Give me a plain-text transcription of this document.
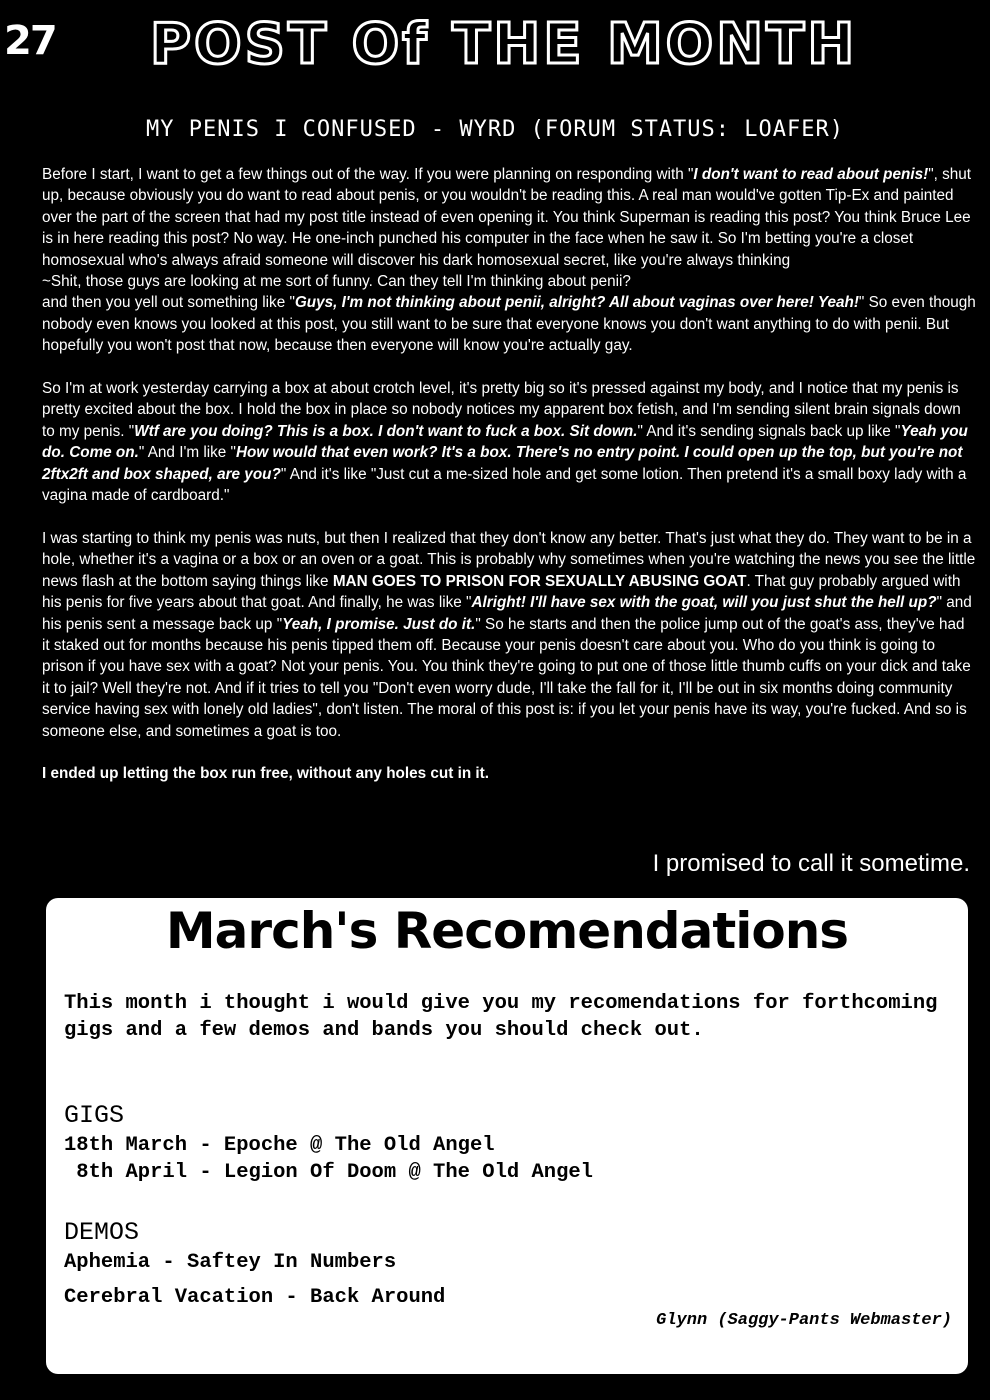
27 POST Of THE MONTH
MY PENIS I CONFUSED - WYRD (FORUM STATUS: LOAFER)

Before I start, I want to get a few things out of the way. If you were planning on responding with "I don't want to read about penis!", shut up, because obviously you do want to read about penis, or you wouldn't be reading this. A real man would've gotten Tip-Ex and painted over the part of the screen that had my post title instead of even opening it. You think Superman is reading this post? You think Bruce Lee is in here reading this post? No way. He one-inch punched his computer in the face when he saw it. So I'm betting you're a closet homosexual who's always afraid someone will discover his dark homosexual secret, like you're always thinking
~Shit, those guys are looking at me sort of funny. Can they tell I'm thinking about penii?
and then you yell out something like "Guys, I'm not thinking about penii, alright? All about vaginas over here! Yeah!" So even though nobody even knows you looked at this post, you still want to be sure that everyone knows you don't want anything to do with penii. But hopefully you won't post that now, because then everyone will know you're actually gay.

So I'm at work yesterday carrying a box at about crotch level, it's pretty big so it's pressed against my body, and I notice that my penis is pretty excited about the box. I hold the box in place so nobody notices my apparent box fetish, and I'm sending silent brain signals down to my penis. "Wtf are you doing? This is a box. I don't want to fuck a box. Sit down." And it's sending signals back up like "Yeah you do. Come on." And I'm like "How would that even work? It's a box. There's no entry point. I could open up the top, but you're not 2ftx2ft and box shaped, are you?" And it's like "Just cut a me-sized hole and get some lotion. Then pretend it's a small boxy lady with a vagina made of cardboard."

I was starting to think my penis was nuts, but then I realized that they don't know any better. That's just what they do. They want to be in a hole, whether it's a vagina or a box or an oven or a goat. This is probably why sometimes when you're watching the news you see the little news flash at the bottom saying things like MAN GOES TO PRISON FOR SEXUALLY ABUSING GOAT. That guy probably argued with his penis for five years about that goat. And finally, he was like "Alright! I'll have sex with the goat, will you just shut the hell up?" and his penis sent a message back up "Yeah, I promise. Just do it." So he starts and then the police jump out of the goat's ass, they've had it staked out for months because his penis tipped them off. Because your penis doesn't care about you. Who do you think is going to prison if you have sex with a goat? Not your penis. You. You think they're going to put one of those little thumb cuffs on your dick and take it to jail? Well they're not. And if it tries to tell you "Don't even worry dude, I'll take the fall for it, I'll be out in six months doing community service having sex with lonely old ladies", don't listen. The moral of this post is: if you let your penis have its way, you're fucked. And so is someone else, and sometimes a goat is too.

I ended up letting the box run free, without any holes cut in it.

I promised to call it sometime.
March's Recomendations
This month i thought i would give you my recomendations for forthcoming gigs and a few demos and bands you should check out.
GIGS
18th March - Epoche @ The Old Angel
8th April - Legion Of Doom @ The Old Angel
DEMOS
Aphemia - Saftey In Numbers
Cerebral Vacation - Back Around
Glynn (Saggy-Pants Webmaster)
